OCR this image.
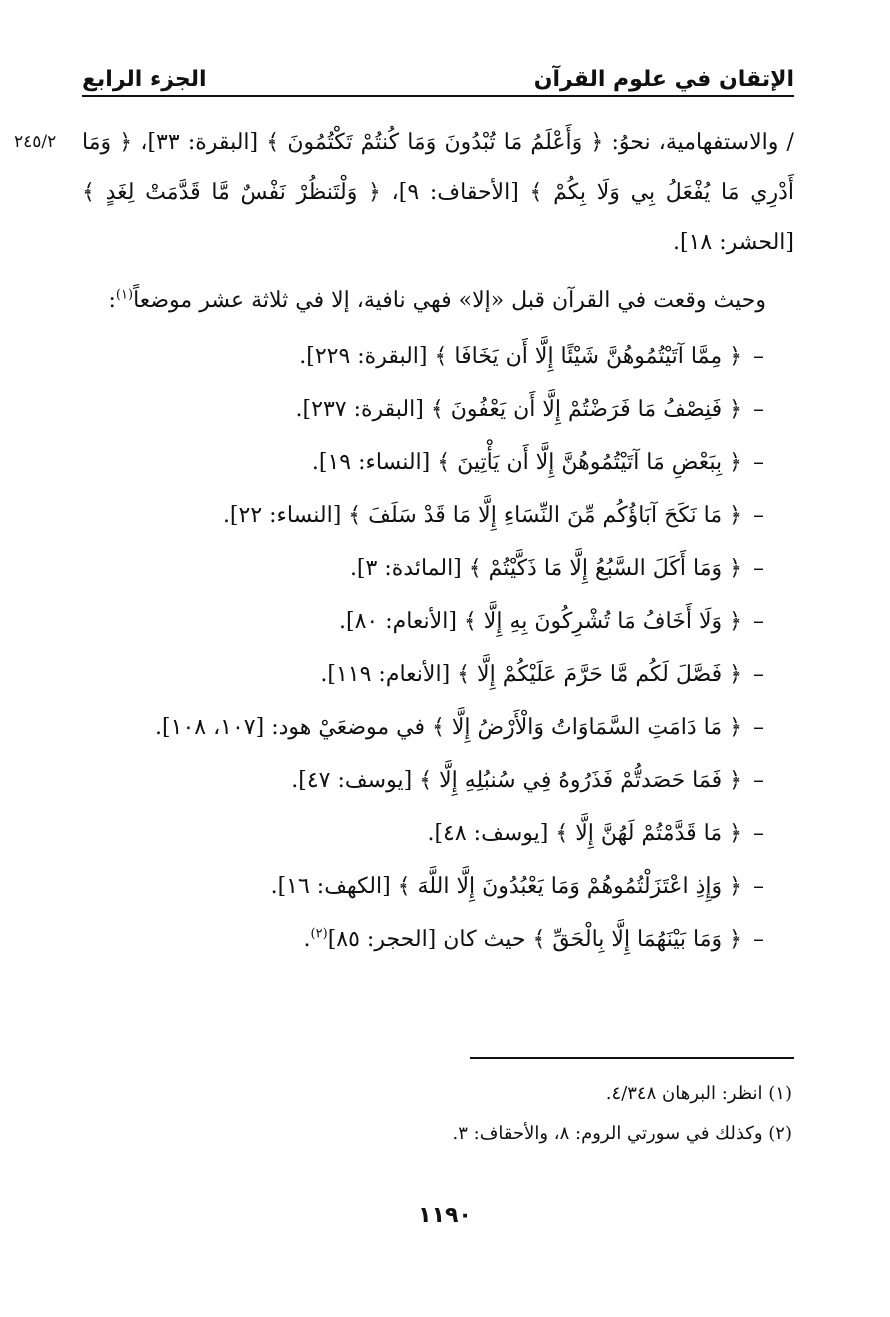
الإتقان في علوم القرآن
الجزء الرابع
٢٤٥/٢	/ والاستفهامية، نحوُ: ﴿ وَأَعْلَمُ مَا تُبْدُونَ وَمَا كُنتُمْ تَكْتُمُونَ ﴾ [البقرة: ٣٣]، ﴿ وَمَا أَدْرِي مَا يُفْعَلُ بِي وَلَا بِكُمْ ﴾ [الأحقاف: ٩]، ﴿ وَلْتَنظُرْ نَفْسٌ مَّا قَدَّمَتْ لِغَدٍ ﴾ [الحشر: ١٨].

وحيث وقعت في القرآن قبل «إلا» فهي نافية، إلا في ثلاثة عشر موضعاً$^{(١)}$:

–﴿ مِمَّا آتَيْتُمُوهُنَّ شَيْئًا إِلَّا أَن يَخَافَا ﴾ [البقرة: ٢٢٩].
–﴿ فَنِصْفُ مَا فَرَضْتُمْ إِلَّا أَن يَعْفُونَ ﴾ [البقرة: ٢٣٧].
–﴿ بِبَعْضِ مَا آتَيْتُمُوهُنَّ إِلَّا أَن يَأْتِينَ ﴾ [النساء: ١٩].
–﴿ مَا نَكَحَ آبَاؤُكُم مِّنَ النِّسَاءِ إِلَّا مَا قَدْ سَلَفَ ﴾ [النساء: ٢٢].
–﴿ وَمَا أَكَلَ السَّبُعُ إِلَّا مَا ذَكَّيْتُمْ ﴾ [المائدة: ٣].
–﴿ وَلَا أَخَافُ مَا تُشْرِكُونَ بِهِ إِلَّا ﴾ [الأنعام: ٨٠].
–﴿ فَصَّلَ لَكُم مَّا حَرَّمَ عَلَيْكُمْ إِلَّا ﴾ [الأنعام: ١١٩].
–﴿ مَا دَامَتِ السَّمَاوَاتُ وَالْأَرْضُ إِلَّا ﴾ في موضعَيْ هود: [١٠٧، ١٠٨].
–﴿ فَمَا حَصَدتُّمْ فَذَرُوهُ فِي سُنبُلِهِ إِلَّا ﴾ [يوسف: ٤٧].
–﴿ مَا قَدَّمْتُمْ لَهُنَّ إِلَّا ﴾ [يوسف: ٤٨].
–﴿ وَإِذِ اعْتَزَلْتُمُوهُمْ وَمَا يَعْبُدُونَ إِلَّا اللَّهَ ﴾ [الكهف: ١٦].
–﴿ وَمَا بَيْنَهُمَا إِلَّا بِالْحَقِّ ﴾ حيث كان [الحجر: ٨٥]$^{(٢)}$.

(١) انظر: البرهان ٤/٣٤٨.

(٢) وكذلك في سورتي الروم: ٨، والأحقاف: ٣.

١١٩٠
